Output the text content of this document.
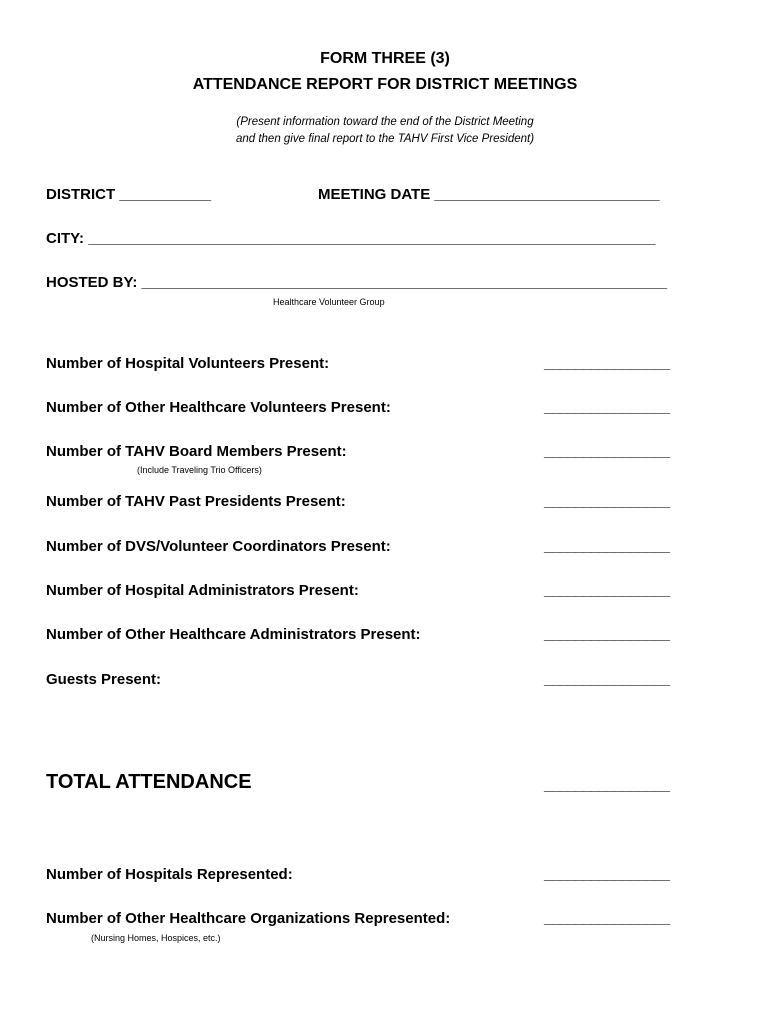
FORM THREE (3)
ATTENDANCE REPORT FOR DISTRICT MEETINGS
(Present information toward the end of the District Meeting
and then give final report to the TAHV First Vice President)
DISTRICT ___________	MEETING DATE ___________________________
CITY: ____________________________________________________________________
HOSTED BY: _______________________________________________________________
Healthcare Volunteer Group
Number of Hospital Volunteers Present:	________________
Number of Other Healthcare Volunteers Present:	________________
Number of TAHV Board Members Present:	________________
(Include Traveling Trio Officers)
Number of TAHV Past Presidents Present:	________________
Number of DVS/Volunteer Coordinators Present:	________________
Number of Hospital Administrators Present:	________________
Number of Other Healthcare Administrators Present:	________________
Guests Present:	________________
TOTAL ATTENDANCE	________________
Number of Hospitals Represented:	________________
Number of Other Healthcare Organizations Represented:	________________
(Nursing Homes, Hospices, etc.)
